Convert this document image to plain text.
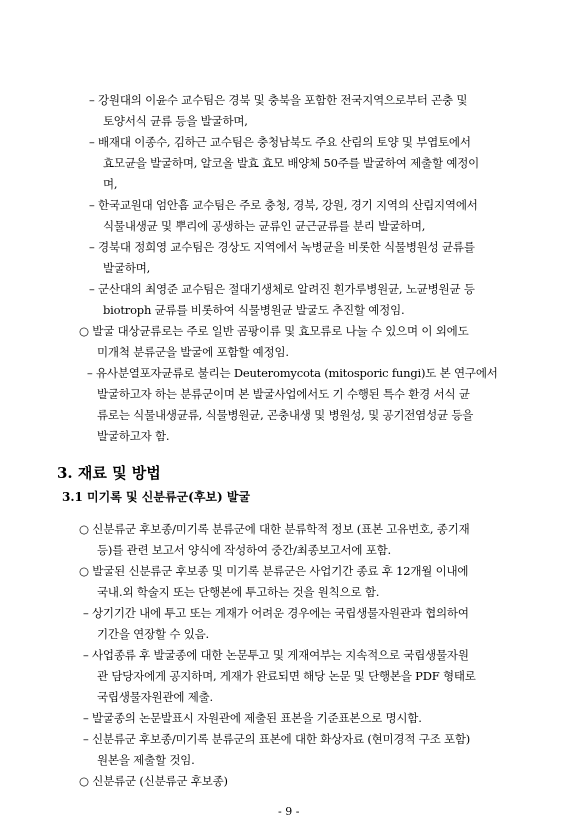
– 강원대의 이윤수 교수팀은 경북 및 충북을 포함한 전국지역으로부터 곤충 및
토양서식 균류 등을 발굴하며,
– 배재대 이종수, 김하근 교수팀은 충청남북도 주요 산림의 토양 및 부엽토에서
효모균을 발굴하며, 알코올 발효 효모 배양체 50주를 발굴하여 제출할 예정이
며,
– 한국교원대 엄안흠 교수팀은 주로 충청, 경북, 강원, 경기 지역의 산림지역에서
식물내생균 및 뿌리에 공생하는 균류인 균근균류를 분리 발굴하며,
– 경북대 정희영 교수팀은 경상도 지역에서 녹병균을 비롯한 식물병원성 균류를
발굴하며,
– 군산대의 최영준 교수팀은 절대기생체로 알려진 흰가루병원균, 노균병원균 등
biotroph 균류를 비롯하여 식물병원균 발굴도 추진할 예정임.
○ 발굴 대상균류로는 주로 일반 곰팡이류 및 효모류로 나눌 수 있으며 이 외에도
미개척 분류군을 발굴에 포함할 예정임.
– 유사분열포자균류로 불리는 Deuteromycota (mitosporic fungi)도 본 연구에서
발굴하고자 하는 분류군이며 본 발굴사업에서도 기 수행된 특수 환경 서식 균
류로는 식물내생균류, 식물병원균, 곤충내생 및 병원성, 및 공기전염성균 등을
발굴하고자 함.
3. 재료 및 방법
3.1 미기록 및 신분류군(후보) 발굴
○ 신분류군 후보종/미기록 분류군에 대한 분류학적 정보 (표본 고유번호, 종기재
등)를 관련 보고서 양식에 작성하여 중간/최종보고서에 포함.
○ 발굴된 신분류군 후보종 및 미기록 분류군은 사업기간 종료 후 12개월 이내에
국내․외 학술지 또는 단행본에 투고하는 것을 원칙으로 함.
– 상기기간 내에 투고 또는 게재가 어려운 경우에는 국립생물자원관과 협의하여
기간을 연장할 수 있음.
– 사업종류 후 발굴종에 대한 논문투고 및 게재여부는 지속적으로 국립생물자원
관 담당자에게 공지하며, 게재가 완료되면 해당 논문 및 단행본을 PDF 형태로
국립생물자원관에 제출.
– 발굴종의 논문발표시 자원관에 제출된 표본을 기준표본으로 명시함.
– 신분류군 후보종/미기록 분류군의 표본에 대한 화상자료 (현미경적 구조 포함)
원본을 제출할 것임.
○ 신분류군 (신분류군 후보종)
- 9 -
